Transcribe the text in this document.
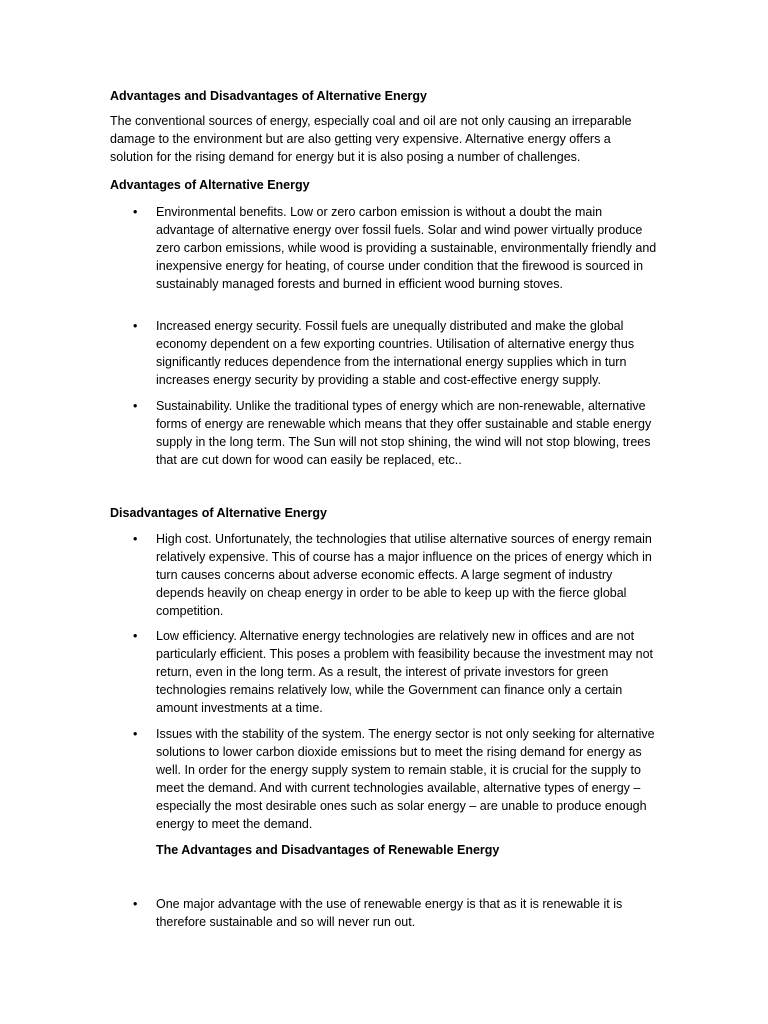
Advantages and Disadvantages of Alternative Energy
The conventional sources of energy, especially coal and oil are not only causing an irreparable damage to the environment but are also getting very expensive. Alternative energy offers a solution for the rising demand for energy but it is also posing a number of challenges.
Advantages of Alternative Energy
• Environmental benefits. Low or zero carbon emission is without a doubt the main advantage of alternative energy over fossil fuels. Solar and wind power virtually produce zero carbon emissions, while wood is providing a sustainable, environmentally friendly and inexpensive energy for heating, of course under condition that the firewood is sourced in sustainably managed forests and burned in efficient wood burning stoves.
• Increased energy security. Fossil fuels are unequally distributed and make the global economy dependent on a few exporting countries. Utilisation of alternative energy thus significantly reduces dependence from the international energy supplies which in turn increases energy security by providing a stable and cost-effective energy supply.
• Sustainability. Unlike the traditional types of energy which are non-renewable, alternative forms of energy are renewable which means that they offer sustainable and stable energy supply in the long term. The Sun will not stop shining, the wind will not stop blowing, trees that are cut down for wood can easily be replaced, etc..
Disadvantages of Alternative Energy
• High cost. Unfortunately, the technologies that utilise alternative sources of energy remain relatively expensive. This of course has a major influence on the prices of energy which in turn causes concerns about adverse economic effects. A large segment of industry depends heavily on cheap energy in order to be able to keep up with the fierce global competition.
• Low efficiency. Alternative energy technologies are relatively new in offices and are not particularly efficient. This poses a problem with feasibility because the investment may not return, even in the long term. As a result, the interest of private investors for green technologies remains relatively low, while the Government can finance only a certain amount investments at a time.
• Issues with the stability of the system. The energy sector is not only seeking for alternative solutions to lower carbon dioxide emissions but to meet the rising demand for energy as well. In order for the energy supply system to remain stable, it is crucial for the supply to meet the demand. And with current technologies available, alternative types of energy – especially the most desirable ones such as solar energy – are unable to produce enough energy to meet the demand.
The Advantages and Disadvantages of Renewable Energy
• One major advantage with the use of renewable energy is that as it is renewable it is therefore sustainable and so will never run out.
